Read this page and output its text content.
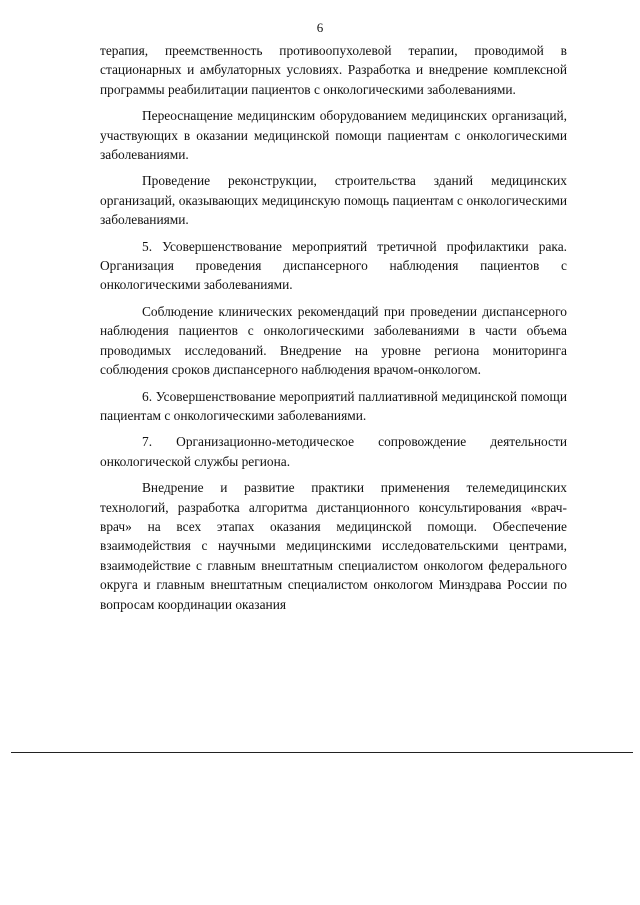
6

терапия, преемственность противоопухолевой терапии, проводимой в стационарных и амбулаторных условиях. Разработка и внедрение комплексной программы реабилитации пациентов с онкологическими заболеваниями.

Переоснащение медицинским оборудованием медицинских организаций, участвующих в оказании медицинской помощи пациентам с онкологическими заболеваниями.

Проведение реконструкции, строительства зданий медицинских организаций, оказывающих медицинскую помощь пациентам с онкологическими заболеваниями.

5. Усовершенствование мероприятий третичной профилактики рака. Организация проведения диспансерного наблюдения пациентов с онкологическими заболеваниями.

Соблюдение клинических рекомендаций при проведении диспансерного наблюдения пациентов с онкологическими заболеваниями в части объема проводимых исследований. Внедрение на уровне региона мониторинга соблюдения сроков диспансерного наблюдения врачом-онкологом.

6. Усовершенствование мероприятий паллиативной медицинской помощи пациентам с онкологическими заболеваниями.

7. Организационно-методическое сопровождение деятельности онкологической службы региона.

Внедрение и развитие практики применения телемедицинских технологий, разработка алгоритма дистанционного консультирования «врач-врач» на всех этапах оказания медицинской помощи. Обеспечение взаимодействия с научными медицинскими исследовательскими центрами, взаимодействие с главным внештатным специалистом онкологом федерального округа и главным внештатным специалистом онкологом Минздрава России по вопросам координации оказания
